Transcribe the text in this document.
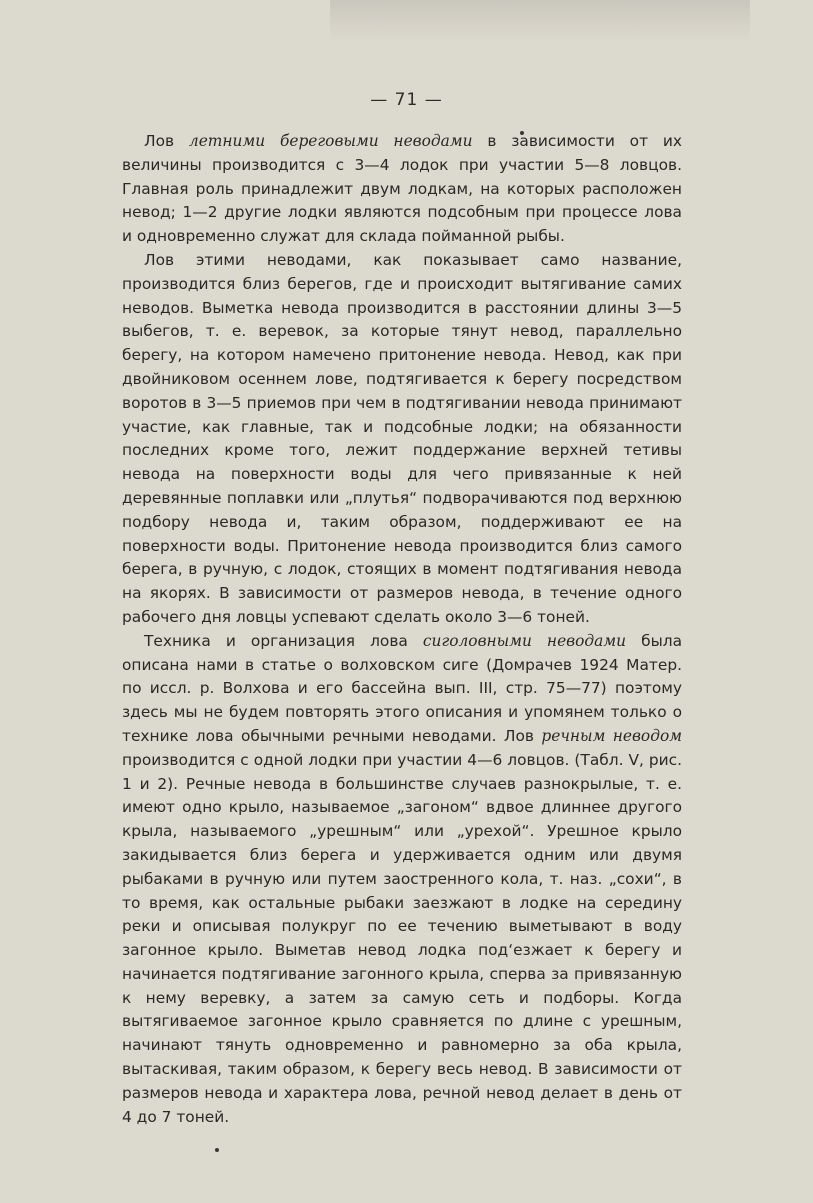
— 71 —

Лов летними береговыми неводами в зависимости от их величины производится с 3—4 лодок при участии 5—8 ловцов. Главная роль принадлежит двум лодкам, на которых расположен невод; 1—2 другие лодки являются подсобным при процессе лова и одновременно служат для склада пойманной рыбы.

Лов этими неводами, как показывает само название, производится близ берегов, где и происходит вытягивание самих неводов. Выметка невода производится в расстоянии длины 3—5 выбегов, т. е. веревок, за которые тянут невод, параллельно берегу, на котором намечено притонение невода. Невод, как при двойниковом осеннем лове, подтягивается к берегу посредством воротов в 3—5 приемов при чем в подтягивании невода принимают участие, как главные, так и подсобные лодки; на обязанности последних кроме того, лежит поддержание верхней тетивы невода на поверхности воды для чего привязанные к ней деревянные поплавки или „плутья“ подворачиваются под верхнюю подбору невода и, таким образом, поддерживают ее на поверхности воды. Притонение невода производится близ самого берега, в ручную, с лодок, стоящих в момент подтягивания невода на якорях. В зависимости от размеров невода, в течение одного рабочего дня ловцы успевают сделать около 3—6 тоней.

Техника и организация лова сиголовными неводами была описана нами в статье о волховском сиге (Домрачев 1924 Матер. по иссл. р. Волхова и его бассейна вып. III, стр. 75—77) поэтому здесь мы не будем повторять этого описания и упомянем только о технике лова обычными речными неводами. Лов речным неводом производится с одной лодки при участии 4—6 ловцов. (Табл. V, рис. 1 и 2). Речные невода в большинстве случаев разнокрылые, т. е. имеют одно крыло, называемое „загоном“ вдвое длиннее другого крыла, называемого „урешным“ или „урехой“. Урешное крыло закидывается близ берега и удерживается одним или двумя рыбаками в ручную или путем заостренного кола, т. наз. „сохи“, в то время, как остальные рыбаки заезжают в лодке на середину реки и описывая полукруг по ее течению выметывают в воду загонное крыло. Выметав невод лодка под‘езжает к берегу и начинается подтягивание загонного крыла, сперва за привязанную к нему веревку, а затем за самую сеть и подборы. Когда вытягиваемое загонное крыло сравняется по длине с урешным, начинают тянуть одновременно и равномерно за оба крыла, вытаскивая, таким образом, к берегу весь невод. В зависимости от размеров невода и характера лова, речной невод делает в день от 4 до 7 тоней.
